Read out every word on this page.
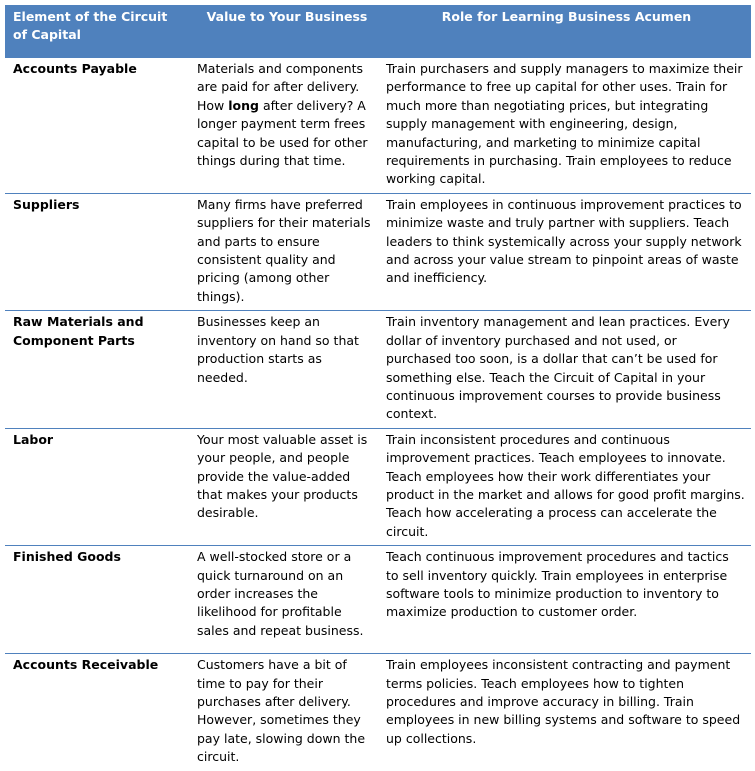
Element of the Circuit of Capital	Value to Your Business	Role for Learning Business Acumen
Accounts Payable	Materials and components are paid for after delivery. How long after delivery? A longer payment term frees capital to be used for other things during that time.	Train purchasers and supply managers to maximize their performance to free up capital for other uses. Train for much more than negotiating prices, but integrating supply management with engineering, design, manufacturing, and marketing to minimize capital requirements in purchasing. Train employees to reduce working capital.
Suppliers	Many firms have preferred suppliers for their materials and parts to ensure consistent quality and pricing (among other things).	Train employees in continuous improvement practices to minimize waste and truly partner with suppliers. Teach leaders to think systemically across your supply network and across your value stream to pinpoint areas of waste and inefficiency.
Raw Materials and Component Parts	Businesses keep an inventory on hand so that production starts as needed.	Train inventory management and lean practices. Every dollar of inventory purchased and not used, or purchased too soon, is a dollar that can’t be used for something else. Teach the Circuit of Capital in your continuous improvement courses to provide business context.
Labor	Your most valuable asset is your people, and people provide the value-added that makes your products desirable.	Train inconsistent procedures and continuous improvement practices. Teach employees to innovate. Teach employees how their work differentiates your product in the market and allows for good profit margins. Teach how accelerating a process can accelerate the circuit.
Finished Goods	A well-stocked store or a quick turnaround on an order increases the likelihood for profitable sales and repeat business.	Teach continuous improvement procedures and tactics to sell inventory quickly. Train employees in enterprise software tools to minimize production to inventory to maximize production to customer order.
Accounts Receivable	Customers have a bit of time to pay for their purchases after delivery. However, sometimes they pay late, slowing down the circuit.	Train employees inconsistent contracting and payment terms policies. Teach employees how to tighten procedures and improve accuracy in billing. Train employees in new billing systems and software to speed up collections.
